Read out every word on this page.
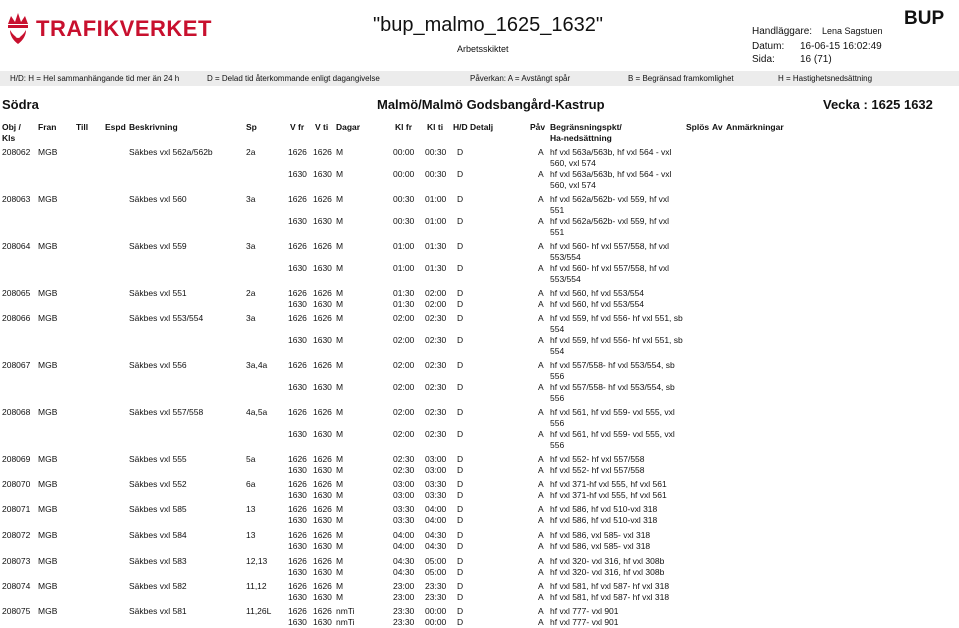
TRAFIKVERKET	"bup_malmo_1625_1632"
Arbetsskiktet
Handläggare: Lena Sagstuen
Datum: 16-06-15 16:02:49
Sida:	16 (71)
BUP
H/D: H = Hel sammanhängande tid mer än 24 h	D = Delad tid återkommande enligt dagangivelse	Påverkan: A = Avstängt spår	B = Begränsad framkomlighet	H = Hastighetsnedsättning
Södra	Malmö/Malmö Godsbangård-Kastrup	Vecka : 1625 1632
Obj /
Kls
Fran Till Espd Beskrivning	Sp	V fr V ti Dagar	Kl fr Kl ti H/D Detalj	Påv Begränsningspkt/
Ha-nedsättning
Splös Av Anmärkningar
208062 MGB	Säkbes vxl 562a/562b	2a	1626 1626 M	00:00 00:30 D	A hf vxl 563a/563b, hf vxl 564 - vxl
560, vxl 574
1630 1630 M	00:00 00:30 D	A hf vxl 563a/563b, hf vxl 564 - vxl
560, vxl 574
208063 MGB	Säkbes vxl 560	3a	1626 1626 M	00:30 01:00 D	A hf vxl 562a/562b- vxl 559, hf vxl
551
1630 1630 M	00:30 01:00 D	A hf vxl 562a/562b- vxl 559, hf vxl
551
208064 MGB	Säkbes vxl 559	3a	1626 1626 M	01:00 01:30 D	A hf vxl 560- hf vxl 557/558, hf vxl
553/554
1630 1630 M	01:00 01:30 D	A hf vxl 560- hf vxl 557/558, hf vxl
553/554
208065 MGB	Säkbes vxl 551	2a	1626 1626 M	01:30 02:00 D	A hf vxl 560, hf vxl 553/554
1630 1630 M	01:30 02:00 D	A hf vxl 560, hf vxl 553/554
208066 MGB	Säkbes vxl 553/554	3a	1626 1626 M	02:00 02:30 D	A hf vxl 559, hf vxl 556- hf vxl 551, sb
554
1630 1630 M	02:00 02:30 D	A hf vxl 559, hf vxl 556- hf vxl 551, sb
554
208067 MGB	Säkbes vxl 556	3a,4a 1626 1626 M	02:00 02:30 D	A hf vxl 557/558- hf vxl 553/554, sb
556
1630 1630 M	02:00 02:30 D	A hf vxl 557/558- hf vxl 553/554, sb
556
208068 MGB	Säkbes vxl 557/558	4a,5a 1626 1626 M	02:00 02:30 D	A hf vxl 561, hf vxl 559- vxl 555, vxl
556
1630 1630 M	02:00 02:30 D	A hf vxl 561, hf vxl 559- vxl 555, vxl
556
208069 MGB	Säkbes vxl 555	5a	1626 1626 M	02:30 03:00 D	A hf vxl 552- hf vxl 557/558
1630 1630 M	02:30 03:00 D	A hf vxl 552- hf vxl 557/558
208070 MGB	Säkbes vxl 552	6a	1626 1626 M	03:00 03:30 D	A hf vxl 371-hf vxl 555, hf vxl 561
1630 1630 M	03:00 03:30 D	A hf vxl 371-hf vxl 555, hf vxl 561
208071 MGB	Säkbes vxl 585	13	1626 1626 M	03:30 04:00 D	A hf vxl 586, hf vxl 510-vxl 318
1630 1630 M	03:30 04:00 D	A hf vxl 586, hf vxl 510-vxl 318
208072 MGB	Säkbes vxl 584	13	1626 1626 M	04:00 04:30 D	A hf vxl 586, vxl 585- vxl 318
1630 1630 M	04:00 04:30 D	A hf vxl 586, vxl 585- vxl 318
208073 MGB	Säkbes vxl 583	12,13 1626 1626 M	04:30 05:00 D	A hf vxl 320- vxl 316, hf vxl 308b
1630 1630 M	04:30 05:00 D	A hf vxl 320- vxl 316, hf vxl 308b
208074 MGB	Säkbes vxl 582	11,12	1626 1626 M	23:00 23:30 D	A hf vxl 581, hf vxl 587- hf vxl 318
1630 1630 M	23:00 23:30 D	A hf vxl 581, hf vxl 587- hf vxl 318
208075 MGB	Säkbes vxl 581	11,26L 1626 1626 nmTi	23:30 00:00 D	A hf vxl 777- vxl 901
1630 1630 nmTi	23:30 00:00 D	A hf vxl 777- vxl 901
